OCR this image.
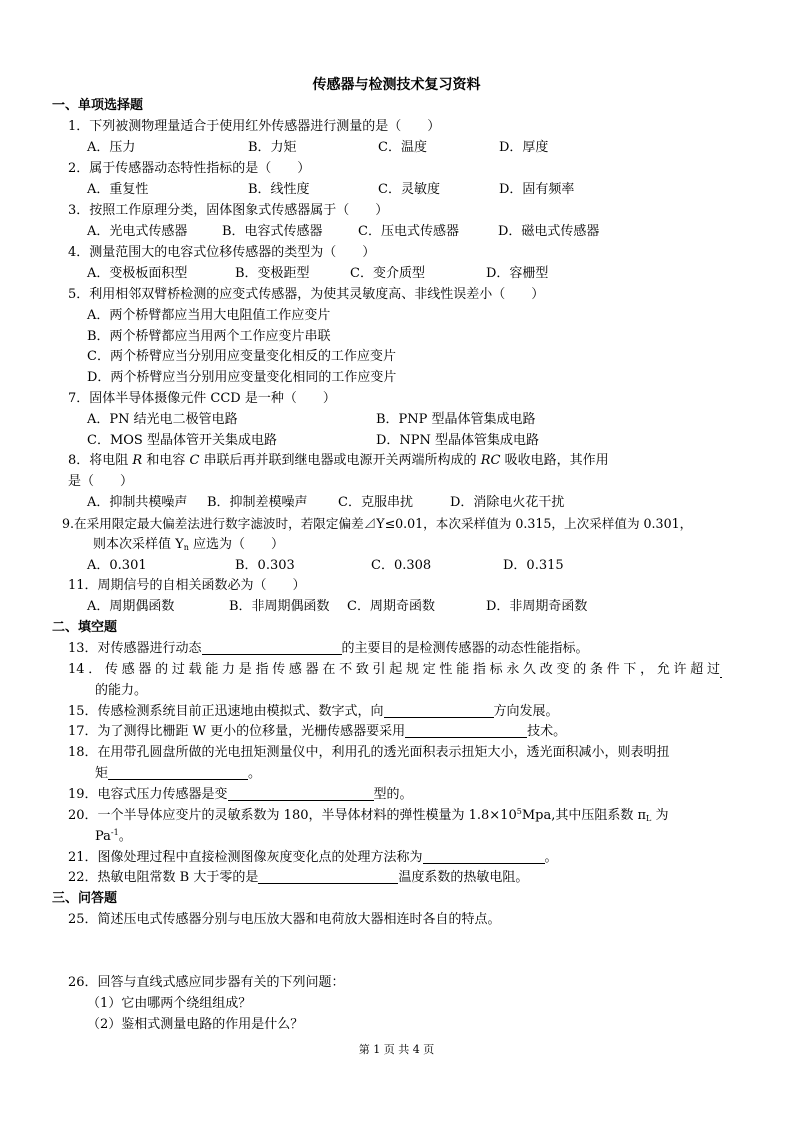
传感器与检测技术复习资料
一、单项选择题
1．下列被测物理量适合于使用红外传感器进行测量的是（　　）
A．压力	B．力矩	C．温度	D．厚度
2．属于传感器动态特性指标的是（　　）
A．重复性	B．线性度	C．灵敏度	D．固有频率
3．按照工作原理分类，固体图象式传感器属于（　　）
A．光电式传感器	B．电容式传感器	C．压电式传感器	D．磁电式传感器
4．测量范围大的电容式位移传感器的类型为（　　）
A．变极板面积型	B．变极距型	C．变介质型	D．容栅型
5．利用相邻双臂桥检测的应变式传感器，为使其灵敏度高、非线性误差小（　　）
A．两个桥臂都应当用大电阻值工作应变片
B．两个桥臂都应当用两个工作应变片串联
C．两个桥臂应当分别用应变量变化相反的工作应变片
D．两个桥臂应当分别用应变量变化相同的工作应变片
7．固体半导体摄像元件 CCD 是一种（　　）
A．PN 结光电二极管电路	B．PNP 型晶体管集成电路
C．MOS 型晶体管开关集成电路	D．NPN 型晶体管集成电路
8．将电阻 R 和电容 C 串联后再并联到继电器或电源开关两端所构成的 RC 吸收电路，其作用
是（　　）
A．抑制共模噪声 B．抑制差模噪声 C．克服串扰	D．消除电火花干扰
9.在采用限定最大偏差法进行数字滤波时，若限定偏差⊿Y≤0.01，本次采样值为 0.315，上次采样值为 0.301，
则本次采样值 $Y_n$ 应选为（　　）
A．0.301	B．0.303	C．0.308	D．0.315
11．周期信号的自相关函数必为（　　）
A．周期偶函数	B．非周期偶函数 C．周期奇函数	D．非周期奇函数
二、填空题
13．对传感器进行动态	的主要目的是检测传感器的动态性能指标。
14．传感器的过载能力是指传感器在不致引起规定性能指标永久改变的条件下，允许超过
的能力。
15．传感检测系统目前正迅速地由模拟式、数字式，向	方向发展。
17．为了测得比栅距 W 更小的位移量，光栅传感器要采用	技术。
18．在用带孔圆盘所做的光电扭矩测量仪中，利用孔的透光面积表示扭矩大小，透光面积减小，则表明扭
矩	。
19．电容式压力传感器是变	型的。
20．一个半导体应变片的灵敏系数为 180，半导体材料的弹性模量为 $1.8\times 10^5Mpa$,其中压阻系数 $\pi_L$ 为
$Pa^{-1}$。
21．图像处理过程中直接检测图像灰度变化点的处理方法称为	。
22．热敏电阻常数 B 大于零的是	温度系数的热敏电阻。
三、问答题
25．简述压电式传感器分别与电压放大器和电荷放大器相连时各自的特点。
26．回答与直线式感应同步器有关的下列问题：
（1）它由哪两个绕组组成？
（2）鉴相式测量电路的作用是什么？
第 1 页 共 4 页
